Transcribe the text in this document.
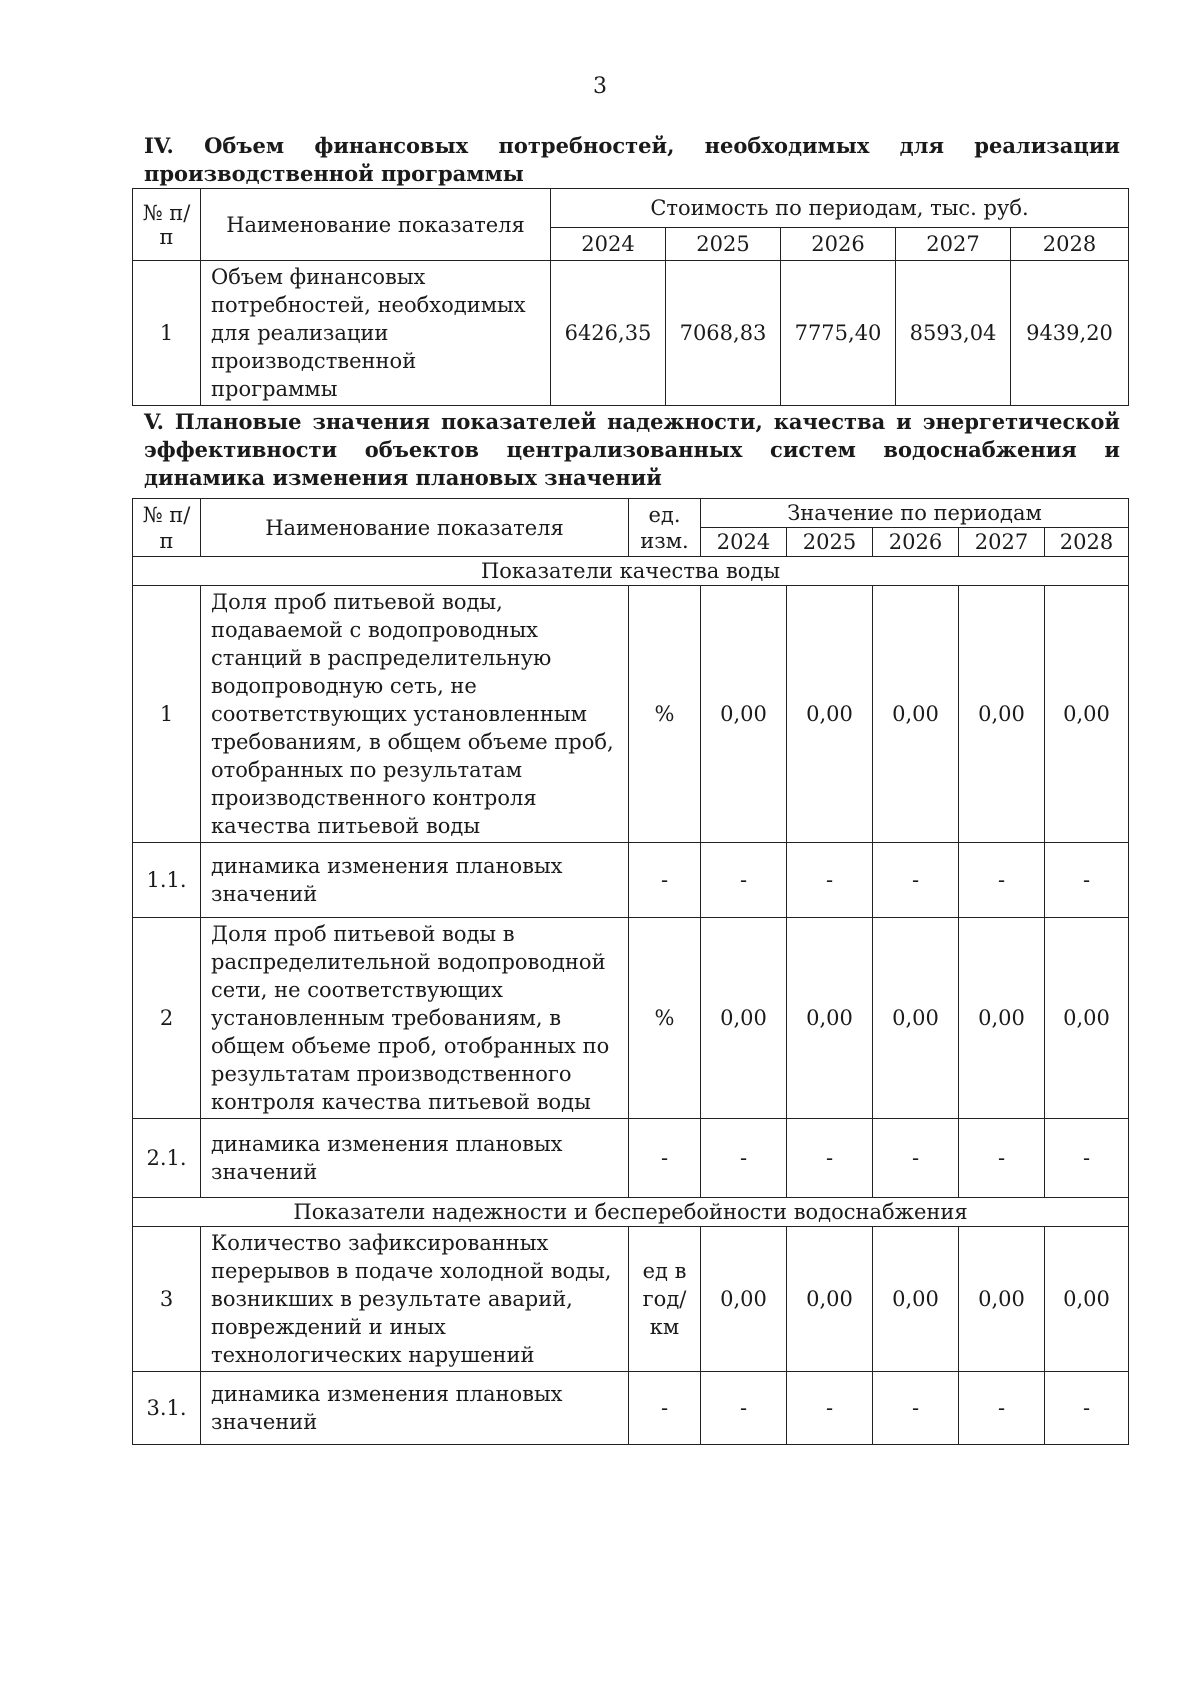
3
IV. Объем финансовых потребностей, необходимых для реализации производственной программы
№ п/п	Наименование показателя	Стоимость по периодам, тыс. руб.				
		2024	2025	2026	2027	2028
1	Объем финансовых потребностей, необходимых для реализации производственной программы	6426,35	7068,83	7775,40	8593,04	9439,20
V. Плановые значения показателей надежности, качества и энергетической эффективности объектов централизованных систем водоснабжения и динамика изменения плановых значений
№ п/п	Наименование показателя	ед. изм.	Значение по периодам				
			2024	2025	2026	2027	2028
Показатели качества воды							
1	Доля проб питьевой воды, подаваемой с водопроводных станций в распределительную водопроводную сеть, не соответствующих установленным требованиям, в общем объеме проб, отобранных по результатам производственного контроля качества питьевой воды	%	0,00	0,00	0,00	0,00	0,00
1.1.	динамика изменения плановых значений	-	-	-	-	-	-
2	Доля проб питьевой воды в распределительной водопроводной сети, не соответствующих установленным требованиям, в общем объеме проб, отобранных по результатам производственного контроля качества питьевой воды	%	0,00	0,00	0,00	0,00	0,00
2.1.	динамика изменения плановых значений	-	-	-	-	-	-
Показатели надежности и бесперебойности водоснабжения							
3	Количество зафиксированных перерывов в подаче холодной воды, возникших в результате аварий, повреждений и иных технологических нарушений	ед в год/ км	0,00	0,00	0,00	0,00	0,00
3.1.	динамика изменения плановых значений	-	-	-	-	-	-
